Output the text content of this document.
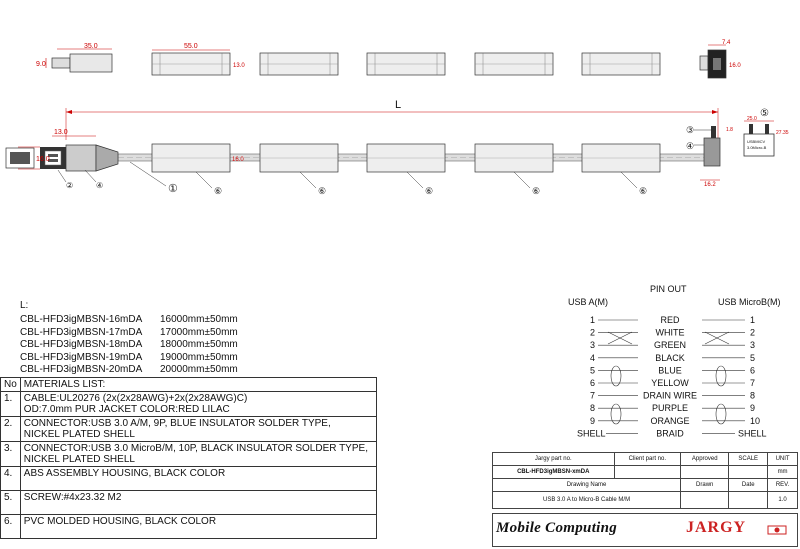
35.0
9.0
55.0
13.0
7.4
16.0
L
13.0
16.0	16.0
16.2
USBMICV
3.0Micro-B
25.0
27.35
1.8
①
②
③
④
④
⑤
⑥	⑥	⑥	⑥	⑥
PIN OUT
USB A(M)	USB MicroB(M)
1	RED	1
2	WHITE	2
3	GREEN	3
4	BLACK	5
5	BLUE	6
6	YELLOW	7
7	DRAIN WIRE	8
8	PURPLE	9
9	ORANGE	10
SHELL	BRAID	SHELL
L:
CBL-HFD3igMBSN-16mDA 16000mm±50mm
CBL-HFD3igMBSN-17mDA 17000mm±50mm
CBL-HFD3igMBSN-18mDA 18000mm±50mm
CBL-HFD3igMBSN-19mDA 19000mm±50mm
CBL-HFD3igMBSN-20mDA 20000mm±50mm
No	MATERIALS LIST:
1.	CABLE:UL20276 (2x(2x28AWG)+2x(2x28AWG)C)
OD:7.0mm PUR JACKET COLOR:RED LILAC

2.	CONNECTOR:USB 3.0 A/M, 9P, BLUE INSULATOR SOLDER TYPE,
NICKEL PLATED SHELL

3.	CONNECTOR:USB 3.0 MicroB/M, 10P, BLACK INSULATOR SOLDER TYPE,
NICKEL PLATED SHELL

4.	ABS ASSEMBLY HOUSING, BLACK COLOR

5.	SCREW:#4x23.32 M2

6.	PVC MOLDED HOUSING, BLACK COLOR
Jargy part no.	Client part no.	Approved	SCALE	UNIT
CBL-HFD3igMBSN-xmDA				mm
Drawing Name		Drawn	Date	REV.
USB 3.0 A to Micro-B Cable M/M				1.0
Mobile Computing	JARGY
